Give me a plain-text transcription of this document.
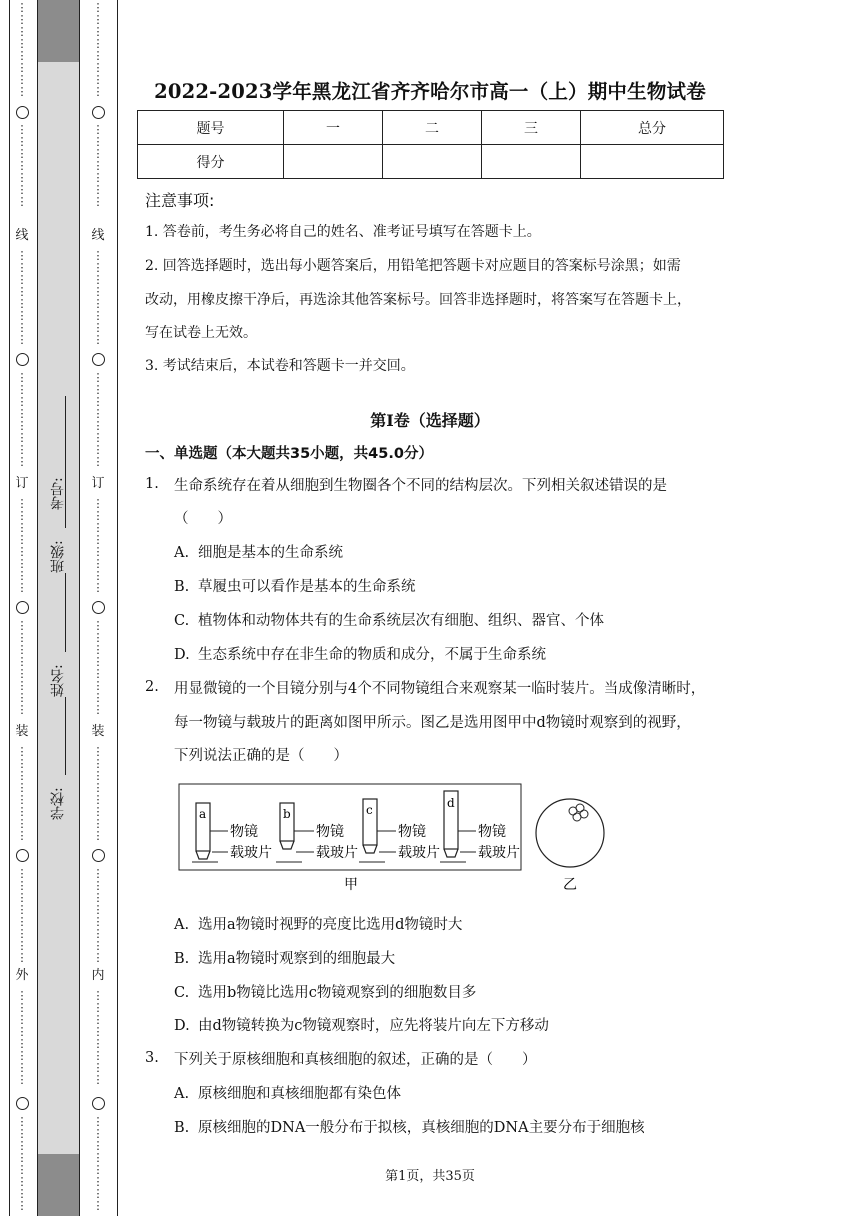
⋮
⋮
⋮
⋮
⋮
⋮
⋮
⋮
⋮
⋮
⋮
⋮
⋮
⋮
⋮
线
⋮
⋮
⋮
⋮
⋮
⋮
⋮
⋮
⋮
⋮
⋮
⋮
⋮
⋮
⋮
⋮
订
⋮
⋮
⋮
⋮
⋮
⋮
⋮
⋮
⋮
⋮
⋮
⋮
⋮
⋮
⋮
⋮
装
⋮
⋮
⋮
⋮
⋮
⋮
⋮
⋮
⋮
⋮
⋮
⋮
⋮
⋮
⋮
⋮
外
⋮
⋮
⋮
⋮
⋮
⋮
⋮
⋮
⋮
⋮
⋮
⋮
⋮
⋮
⋮
⋮
⋮
⋮
⋮
⋮
⋮
⋮
⋮
⋮
⋮
⋮
⋮
⋮
⋮
⋮
⋮
线
⋮
⋮
⋮
⋮
⋮
⋮
⋮
⋮
⋮
⋮
⋮
⋮
⋮
⋮
⋮
⋮
订
⋮
⋮
⋮
⋮
⋮
⋮
⋮
⋮
⋮
⋮
⋮
⋮
⋮
⋮
⋮
⋮
装
⋮
⋮
⋮
⋮
⋮
⋮
⋮
⋮
⋮
⋮
⋮
⋮
⋮
⋮
⋮
⋮
内
⋮
⋮
⋮
⋮
⋮
⋮
⋮
⋮
⋮
⋮
⋮
⋮
⋮
⋮
⋮
⋮
学校:
姓名:
班级:
考号:
2022-2023学年黑龙江省齐齐哈尔市高一（上）期中生物试卷
题号	一	二	三	总分
得分				
注意事项:
1. 答卷前，考生务必将自己的姓名、准考证号填写在答题卡上。
2. 回答选择题时，选出每小题答案后，用铅笔把答题卡对应题目的答案标号涂黑；如需
改动，用橡皮擦干净后，再选涂其他答案标号。回答非选择题时，将答案写在答题卡上，
写在试卷上无效。
3. 考试结束后，本试卷和答题卡一并交回。
第Ⅰ卷（选择题）
一、单选题（本大题共35小题，共45.0分）
1. 生命系统存在着从细胞到生物圈各个不同的结构层次。下列相关叙述错误的是
（　　）
A. 细胞是基本的生命系统
B. 草履虫可以看作是基本的生命系统
C. 植物体和动物体共有的生命系统层次有细胞、组织、器官、个体
D. 生态系统中存在非生命的物质和成分，不属于生命系统
2. 用显微镜的一个目镜分别与4个不同物镜组合来观察某一临时装片。当成像清晰时，
每一物镜与载玻片的距离如图甲所示。图乙是选用图甲中d物镜时观察到的视野，
下列说法正确的是（　　）
a
物镜
载玻片
b
物镜
载玻片
c
物镜
载玻片
d
物镜
载玻片
甲	乙
A. 选用a物镜时视野的亮度比选用d物镜时大
B. 选用a物镜时观察到的细胞最大
C. 选用b物镜比选用c物镜观察到的细胞数目多
D. 由d物镜转换为c物镜观察时，应先将装片向左下方移动
3. 下列关于原核细胞和真核细胞的叙述，正确的是（　　）
A. 原核细胞和真核细胞都有染色体
B. 原核细胞的DNA一般分布于拟核，真核细胞的DNA主要分布于细胞核
第1页，共35页
